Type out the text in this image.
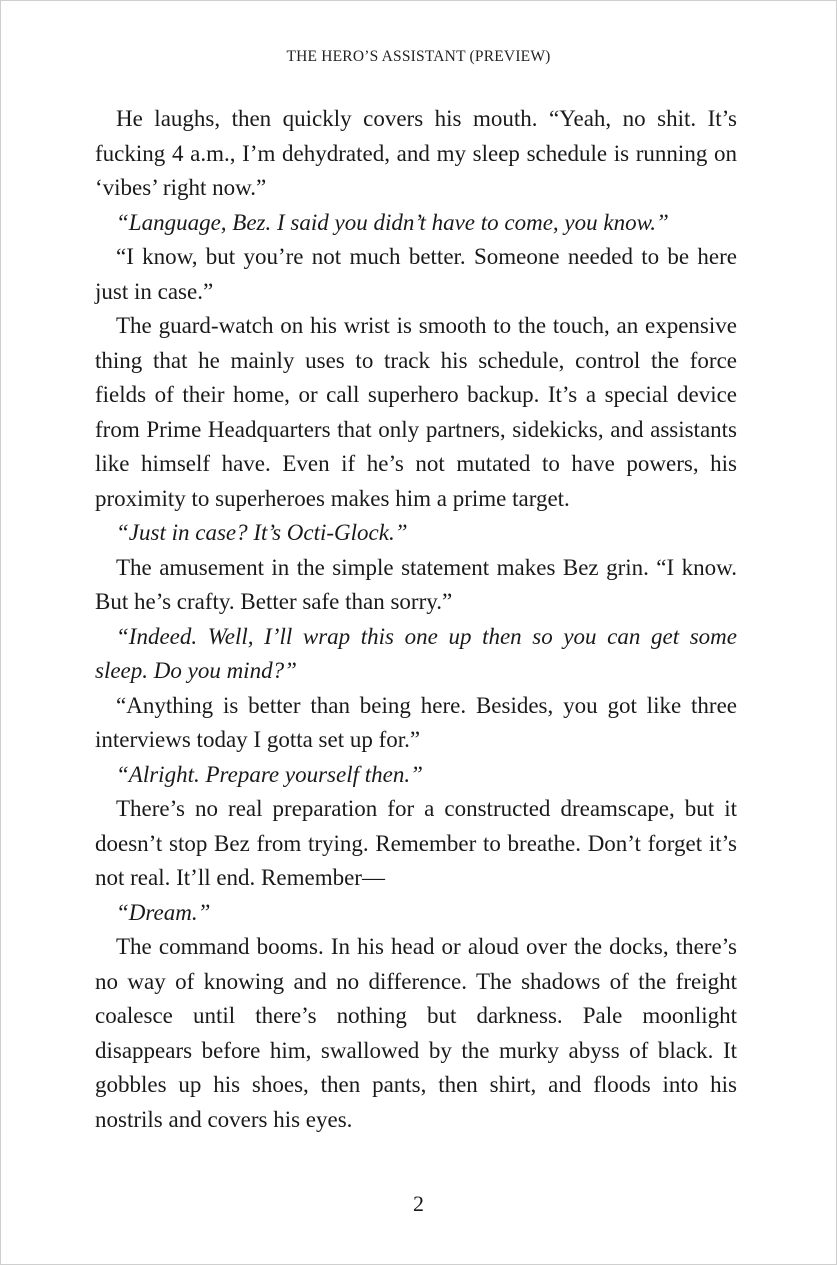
THE HERO’S ASSISTANT (PREVIEW)

He laughs, then quickly covers his mouth. “Yeah, no shit. It’s fucking 4 a.m., I’m dehydrated, and my sleep schedule is running on ‘vibes’ right now.”

“Language, Bez. I said you didn’t have to come, you know.”

“I know, but you’re not much better. Someone needed to be here just in case.”

The guard-watch on his wrist is smooth to the touch, an expensive thing that he mainly uses to track his schedule, control the force fields of their home, or call superhero backup. It’s a special device from Prime Headquarters that only partners, sidekicks, and assistants like himself have. Even if he’s not mutated to have powers, his proximity to superheroes makes him a prime target.

“Just in case? It’s Octi-Glock.”

The amusement in the simple statement makes Bez grin. “I know. But he’s crafty. Better safe than sorry.”

“Indeed. Well, I’ll wrap this one up then so you can get some sleep. Do you mind?”

“Anything is better than being here. Besides, you got like three interviews today I gotta set up for.”

“Alright. Prepare yourself then.”

There’s no real preparation for a constructed dreamscape, but it doesn’t stop Bez from trying. Remember to breathe. Don’t forget it’s not real. It’ll end. Remember—

“Dream.”

The command booms. In his head or aloud over the docks, there’s no way of knowing and no difference. The shadows of the freight coalesce until there’s nothing but darkness. Pale moonlight disappears before him, swallowed by the murky abyss of black. It gobbles up his shoes, then pants, then shirt, and floods into his nostrils and covers his eyes.

2
